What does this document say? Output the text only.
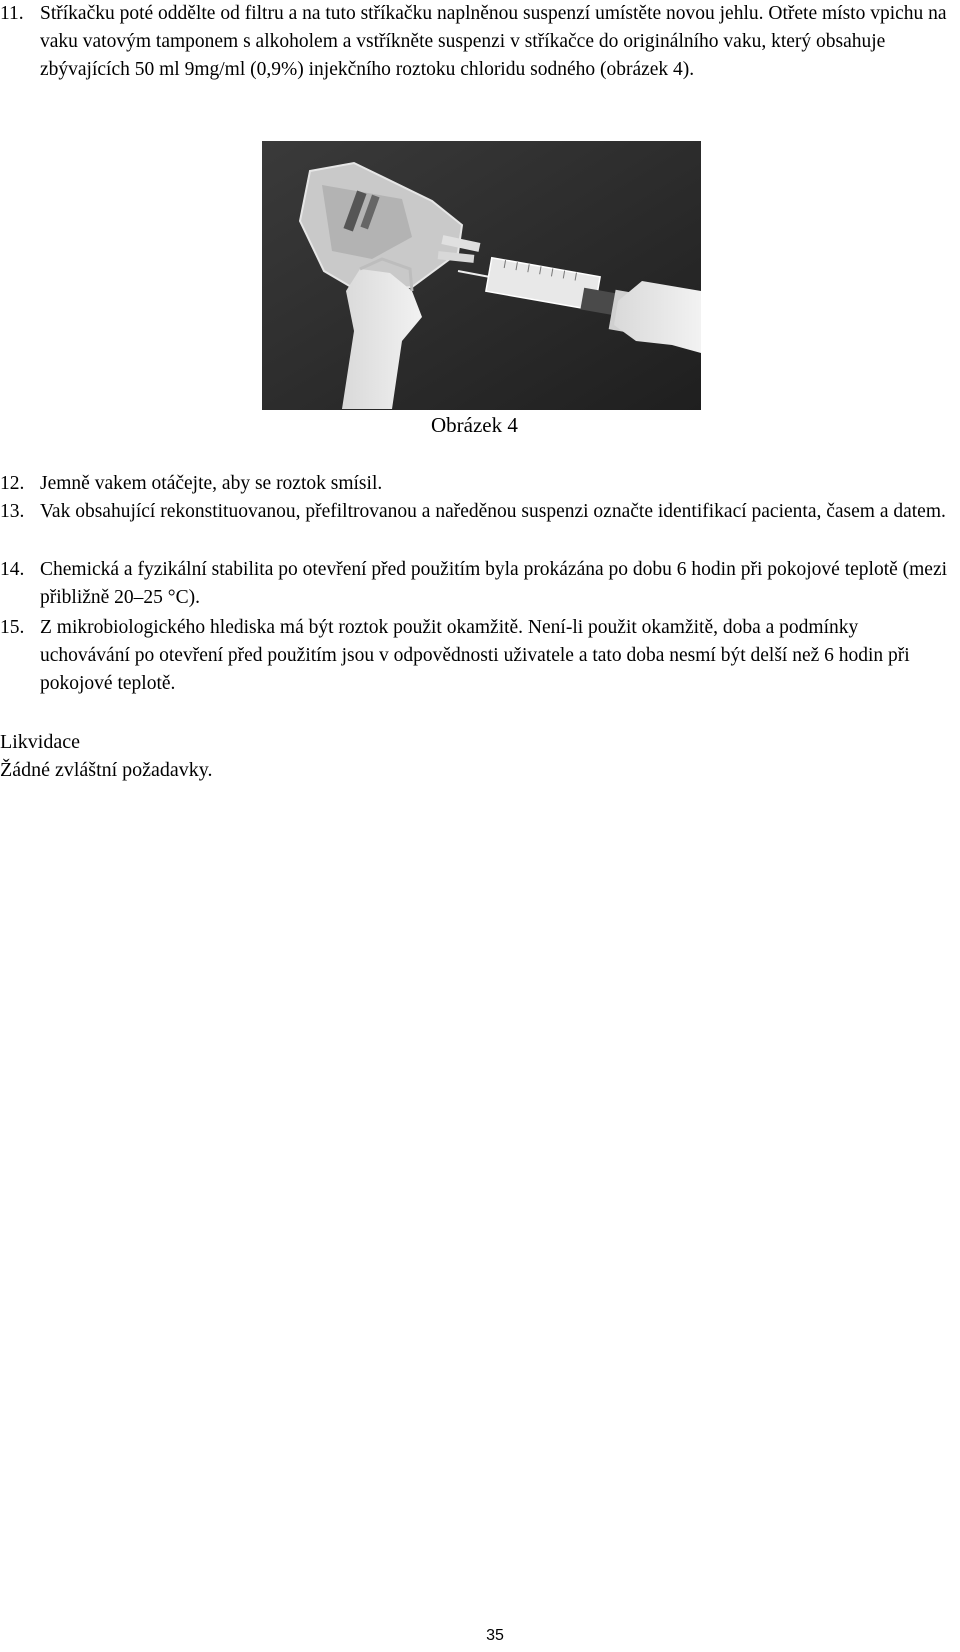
11. Stříkačku poté oddělte od filtru a na tuto stříkačku naplněnou suspenzí umístěte novou jehlu. Otřete místo vpichu na vaku vatovým tamponem s alkoholem a vstříkněte suspenzi v stříkačce do originálního vaku, který obsahuje zbývajících 50 ml 9mg/ml (0,9%) injekčního roztoku chloridu sodného (obrázek 4).
Obrázek 4
12. Jemně vakem otáčejte, aby se roztok smísil.
13. Vak obsahující rekonstituovanou, přefiltrovanou a naředěnou suspenzi označte identifikací pacienta, časem a datem.
14. Chemická a fyzikální stabilita po otevření před použitím byla prokázána po dobu 6 hodin při pokojové teplotě (mezi přibližně 20–25 °C).
15. Z mikrobiologického hlediska má být roztok použit okamžitě. Není-li použit okamžitě, doba a podmínky uchovávání po otevření před použitím jsou v odpovědnosti uživatele a tato doba nesmí být delší než 6 hodin při pokojové teplotě.
Likvidace
Žádné zvláštní požadavky.
35
